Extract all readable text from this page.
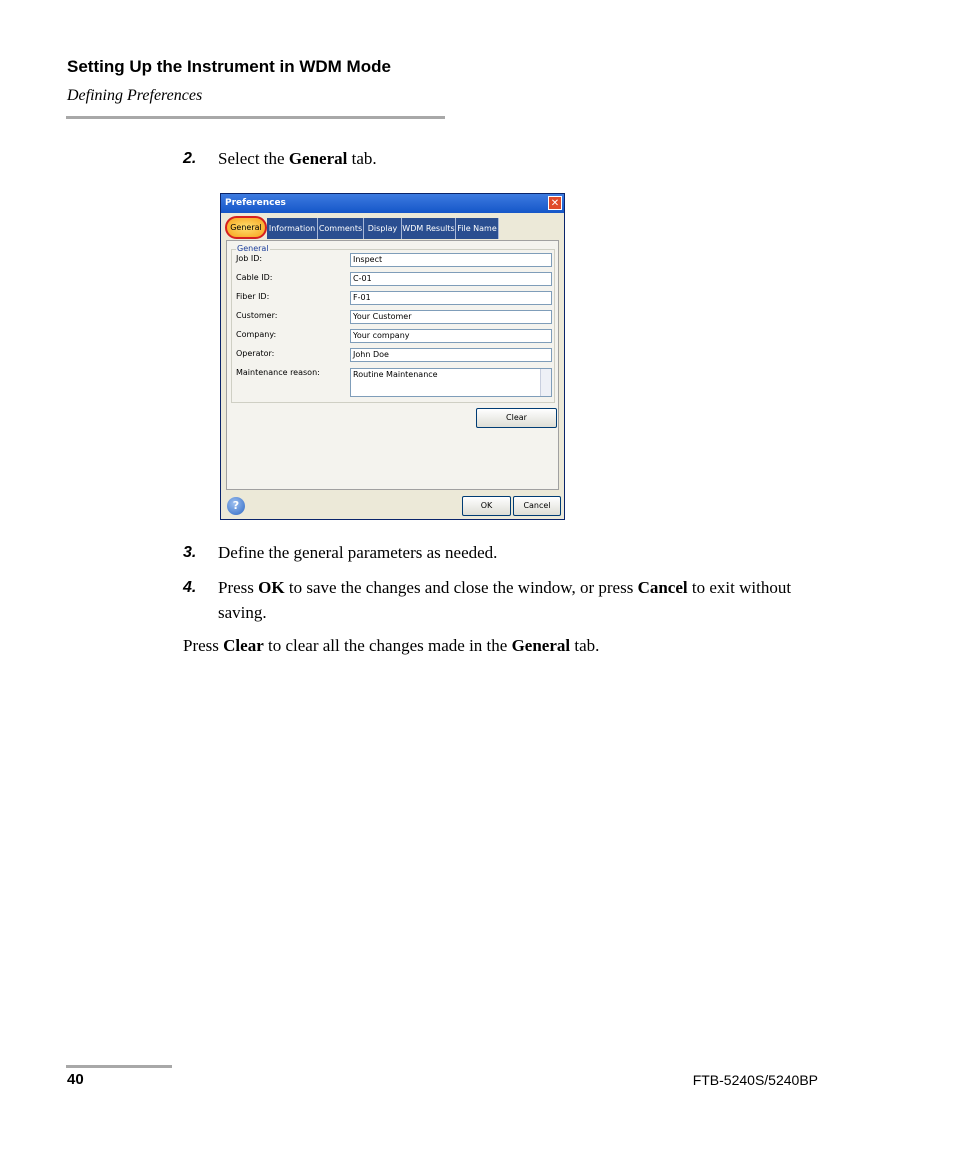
Setting Up the Instrument in WDM Mode
Defining Preferences
2.	Select the General tab.
Preferences	✕
General Information Comments Display WDM Results File Name
General
Job ID:	Inspect
Cable ID:	C-01
Fiber ID:	F-01
Customer:	Your Customer
Company:	Your company
Operator:	John Doe
Maintenance reason:	Routine Maintenance
Clear
?	OK	Cancel
3.	Define the general parameters as needed.
4.	Press OK to save the changes and close the window, or press Cancel to exit without saving.
Press Clear to clear all the changes made in the General tab.
40	FTB-5240S/5240BP
